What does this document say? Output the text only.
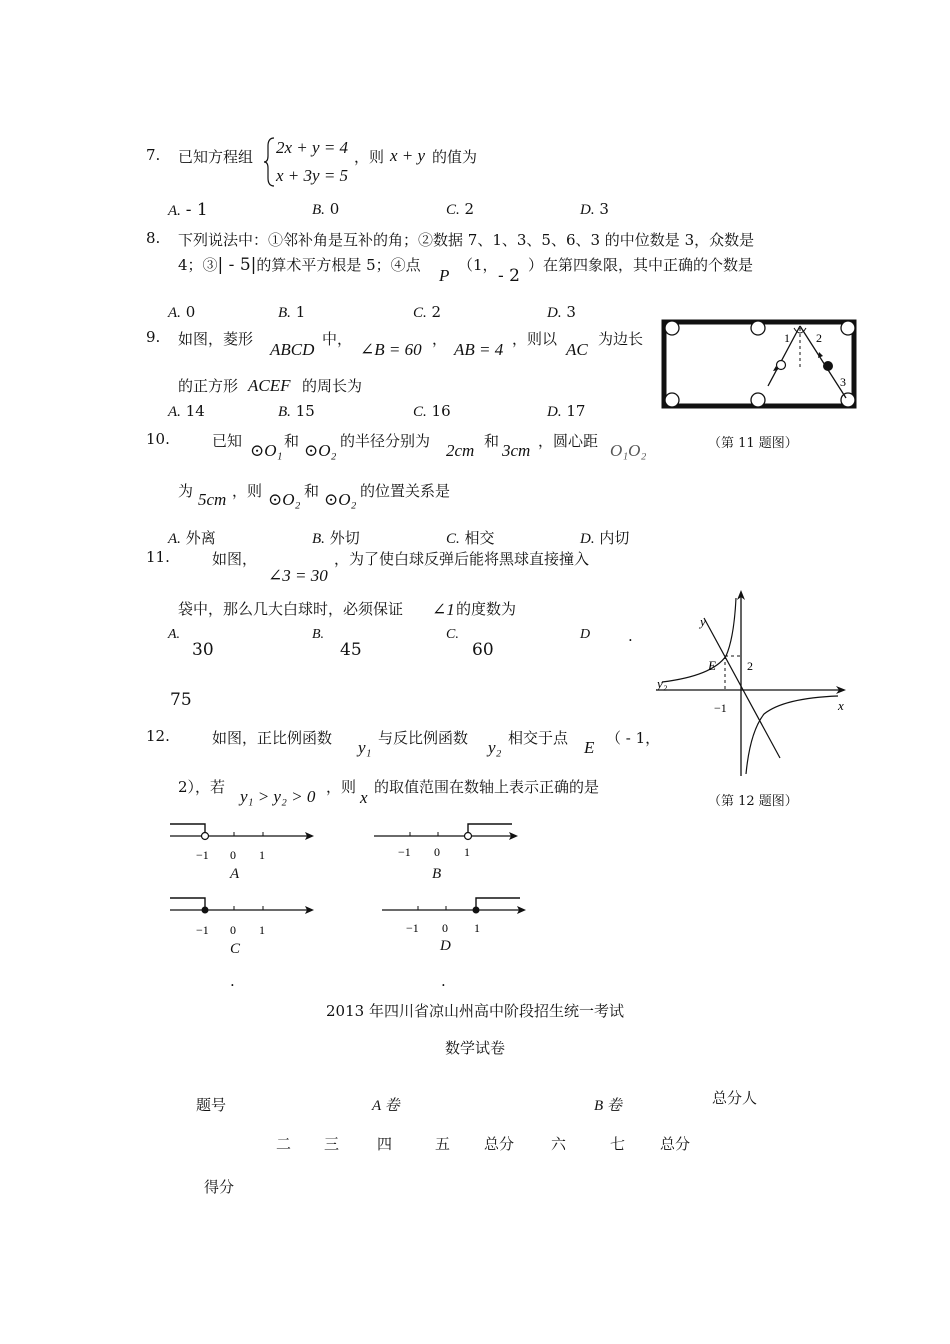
7. 已知方程组 2x + y = 4
x + 3y = 5
，则 x + y 的值为
A. - 1	B. 0	C. 2	D. 3
8. 下列说法中：①邻补角是互补的角；②数据 7、1、3、5、6、3 的中位数是 3，众数是
4；③| - 5|的算术平方根是 5；④点
P
（1，
- 2
）在第四象限，其中正确的个数是
A. 0	B. 1	C. 2	D. 3
9. 如图，菱形
ABCD
中，
∠B = 60
，
AB = 4
，则以
AC
为边长
的正方形 ACEF 的周长为
A. 14	B. 15	C. 16	D. 17
1 2
3
（第 11 题图）
10.	已知 ⊙O₁ 和 ⊙O₂ 的半径分别为 2cm 和 3cm ，圆心距 O₁O₂
为 5cm ，则 ⊙O₂ 和 ⊙O₂ 的位置关系是
A. 外离	B. 外切	C. 相交	D. 内切
11.	如图，
∠3 = 30
，为了使白球反弹后能将黑球直接撞入
袋中，那么几大白球时，必须保证 ∠1 的度数为
A.
30
B.
45
C.
60
D	.
75
y
E	2
−1
y₂
x
（第 12 题图）
12.	如图，正比例函数 y₁ 与反比例函数 y₂ 相交于点 E （ - 1，
2），若 y₁ > y₂ > 0 ，则
x
的取值范围在数轴上表示正确的是
−1 0 1
A
−1 0 1
B
−1 0 1
C
.
−1 0 1
D
.
2013 年四川省凉山州高中阶段招生统一考试
数学试卷
题号	A 卷	B 卷	总分人
二 三	四	五 总分 六	七 总分
得分
